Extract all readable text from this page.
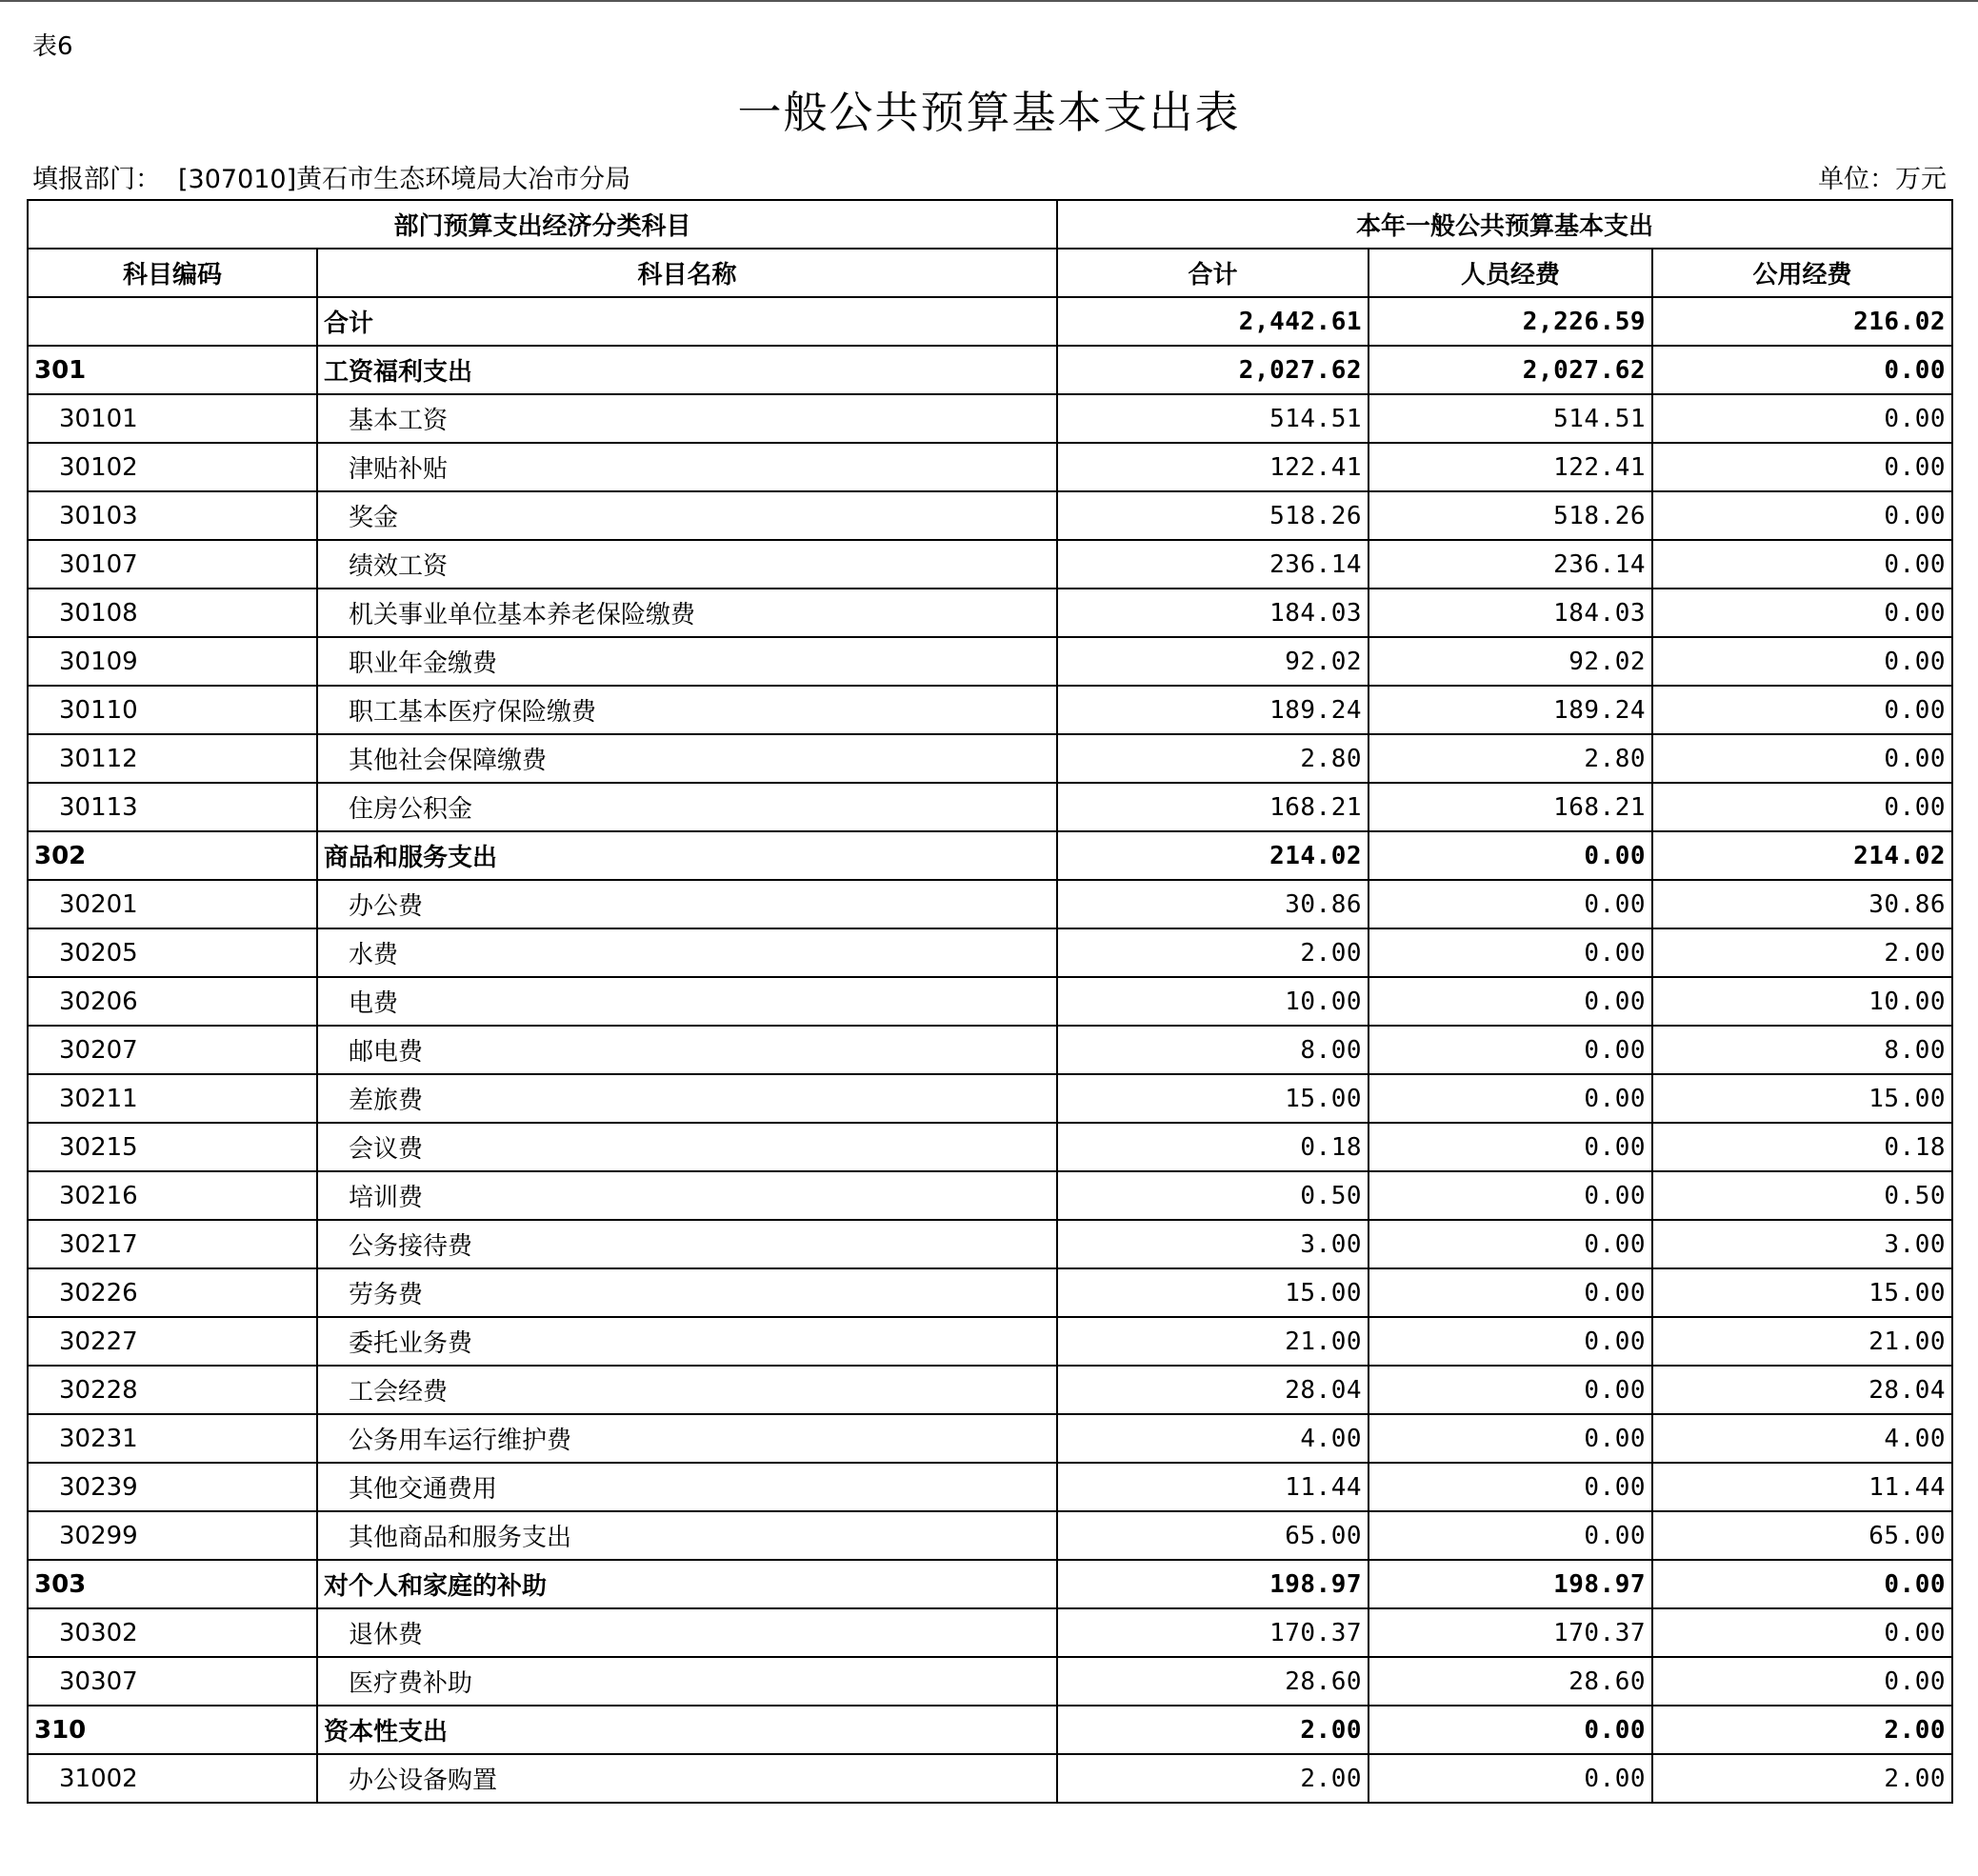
表6
一般公共预算基本支出表
填报部门： [307010]黄石市生态环境局大冶市分局	单位：万元
部门预算支出经济分类科目		本年一般公共预算基本支出		
科目编码	科目名称	合计	人员经费	公用经费
	合计	2,442.61	2,226.59	216.02
301	工资福利支出	2,027.62	2,027.62	0.00
30101	基本工资	514.51	514.51	0.00
30102	津贴补贴	122.41	122.41	0.00
30103	奖金	518.26	518.26	0.00
30107	绩效工资	236.14	236.14	0.00
30108	机关事业单位基本养老保险缴费	184.03	184.03	0.00
30109	职业年金缴费	92.02	92.02	0.00
30110	职工基本医疗保险缴费	189.24	189.24	0.00
30112	其他社会保障缴费	2.80	2.80	0.00
30113	住房公积金	168.21	168.21	0.00
302	商品和服务支出	214.02	0.00	214.02
30201	办公费	30.86	0.00	30.86
30205	水费	2.00	0.00	2.00
30206	电费	10.00	0.00	10.00
30207	邮电费	8.00	0.00	8.00
30211	差旅费	15.00	0.00	15.00
30215	会议费	0.18	0.00	0.18
30216	培训费	0.50	0.00	0.50
30217	公务接待费	3.00	0.00	3.00
30226	劳务费	15.00	0.00	15.00
30227	委托业务费	21.00	0.00	21.00
30228	工会经费	28.04	0.00	28.04
30231	公务用车运行维护费	4.00	0.00	4.00
30239	其他交通费用	11.44	0.00	11.44
30299	其他商品和服务支出	65.00	0.00	65.00
303	对个人和家庭的补助	198.97	198.97	0.00
30302	退休费	170.37	170.37	0.00
30307	医疗费补助	28.60	28.60	0.00
310	资本性支出	2.00	0.00	2.00
31002	办公设备购置	2.00	0.00	2.00
